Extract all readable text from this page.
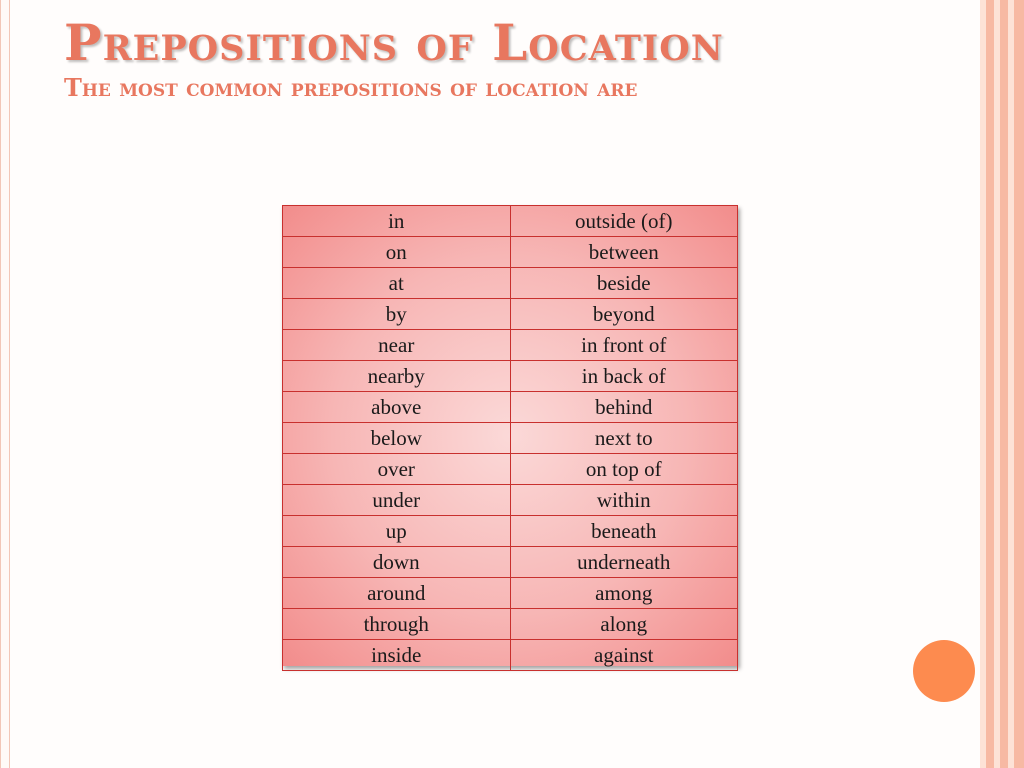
Prepositions of Location
The most common prepositions of location are
in	outside (of)
on	between
at	beside
by	beyond
near	in front of
nearby	in back of
above	behind
below	next to
over	on top of
under	within
up	beneath
down	underneath
around	among
through	along
inside	against
